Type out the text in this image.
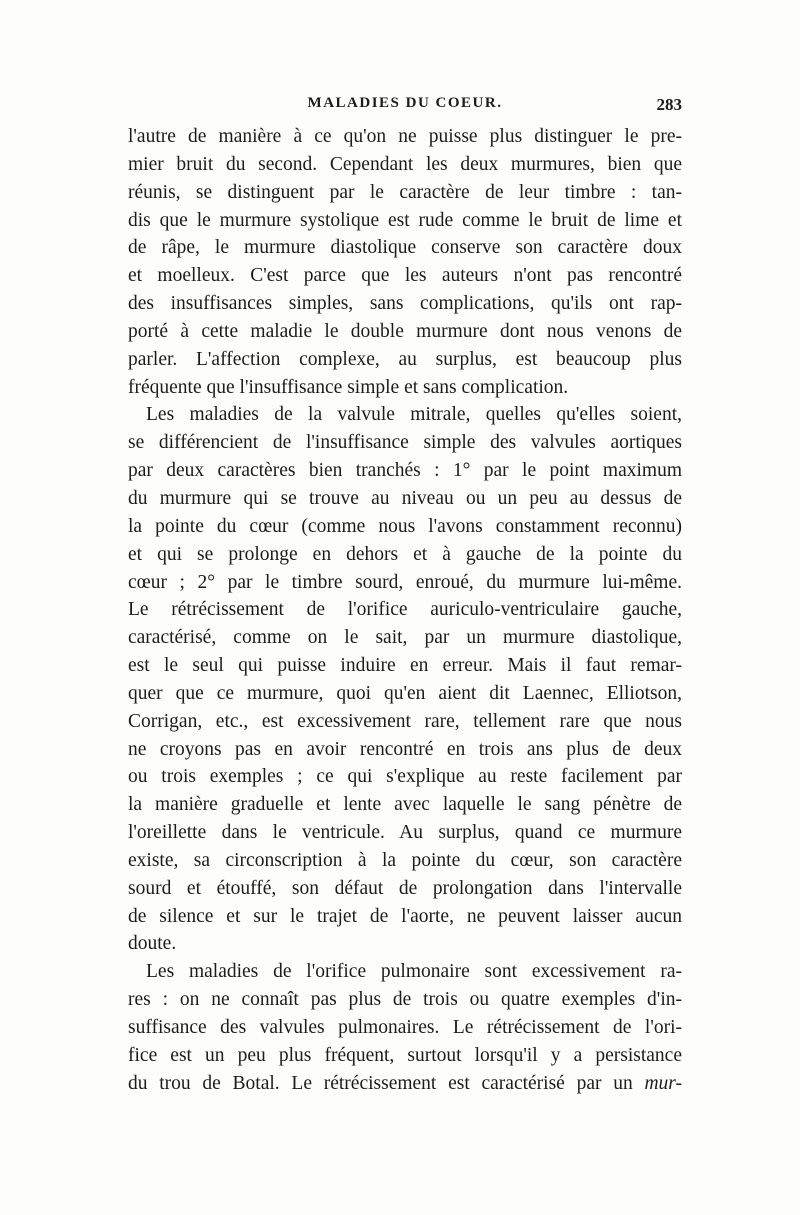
MALADIES DU COEUR.	283
l'autre de manière à ce qu'on ne puisse plus distinguer le pre-
mier bruit du second. Cependant les deux murmures, bien que
réunis, se distinguent par le caractère de leur timbre : tan-
dis que le murmure systolique est rude comme le bruit de lime et
de râpe, le murmure diastolique conserve son caractère doux
et moelleux. C'est parce que les auteurs n'ont pas rencontré
des insuffisances simples, sans complications, qu'ils ont rap-
porté à cette maladie le double murmure dont nous venons de
parler. L'affection complexe, au surplus, est beaucoup plus
fréquente que l'insuffisance simple et sans complication.
Les maladies de la valvule mitrale, quelles qu'elles soient,
se différencient de l'insuffisance simple des valvules aortiques
par deux caractères bien tranchés : 1° par le point maximum
du murmure qui se trouve au niveau ou un peu au dessus de
la pointe du cœur (comme nous l'avons constamment reconnu)
et qui se prolonge en dehors et à gauche de la pointe du
cœur ; 2° par le timbre sourd, enroué, du murmure lui-même.
Le rétrécissement de l'orifice auriculo-ventriculaire gauche,
caractérisé, comme on le sait, par un murmure diastolique,
est le seul qui puisse induire en erreur. Mais il faut remar-
quer que ce murmure, quoi qu'en aient dit Laennec, Elliotson,
Corrigan, etc., est excessivement rare, tellement rare que nous
ne croyons pas en avoir rencontré en trois ans plus de deux
ou trois exemples ; ce qui s'explique au reste facilement par
la manière graduelle et lente avec laquelle le sang pénètre de
l'oreillette dans le ventricule. Au surplus, quand ce murmure
existe, sa circonscription à la pointe du cœur, son caractère
sourd et étouffé, son défaut de prolongation dans l'intervalle
de silence et sur le trajet de l'aorte, ne peuvent laisser aucun
doute.
Les maladies de l'orifice pulmonaire sont excessivement ra-
res : on ne connaît pas plus de trois ou quatre exemples d'in-
suffisance des valvules pulmonaires. Le rétrécissement de l'ori-
fice est un peu plus fréquent, surtout lorsqu'il y a persistance
du trou de Botal. Le rétrécissement est caractérisé par un mur-
